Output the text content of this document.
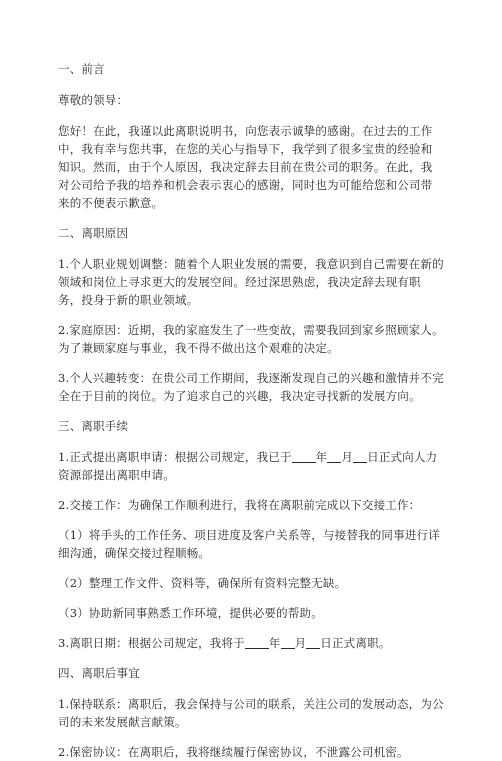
一、前言

尊敬的领导：

您好！在此，我谨以此离职说明书，向您表示诚挚的感谢。在过去的工作中，我有幸与您共事，在您的关心与指导下，我学到了很多宝贵的经验和知识。然而，由于个人原因，我决定辞去目前在贵公司的职务。在此，我对公司给予我的培养和机会表示衷心的感谢，同时也为可能给您和公司带来的不便表示歉意。

二、离职原因

1.个人职业规划调整：随着个人职业发展的需要，我意识到自己需要在新的领域和岗位上寻求更大的发展空间。经过深思熟虑，我决定辞去现有职务，投身于新的职业领域。

2.家庭原因：近期，我的家庭发生了一些变故，需要我回到家乡照顾家人。为了兼顾家庭与事业，我不得不做出这个艰难的决定。

3.个人兴趣转变：在贵公司工作期间，我逐渐发现自己的兴趣和激情并不完全在于目前的岗位。为了追求自己的兴趣，我决定寻找新的发展方向。

三、离职手续

1.正式提出离职申请：根据公司规定，我已于 年 月 日正式向人力资源部提出离职申请。

2.交接工作：为确保工作顺利进行，我将在离职前完成以下交接工作：

（1）将手头的工作任务、项目进度及客户关系等，与接替我的同事进行详细沟通，确保交接过程顺畅。

（2）整理工作文件、资料等，确保所有资料完整无缺。

（3）协助新同事熟悉工作环境，提供必要的帮助。

3.离职日期：根据公司规定，我将于 年 月 日正式离职。

四、离职后事宜

1.保持联系：离职后，我会保持与公司的联系，关注公司的发展动态，为公司的未来发展献言献策。

2.保密协议：在离职后，我将继续履行保密协议，不泄露公司机密。
